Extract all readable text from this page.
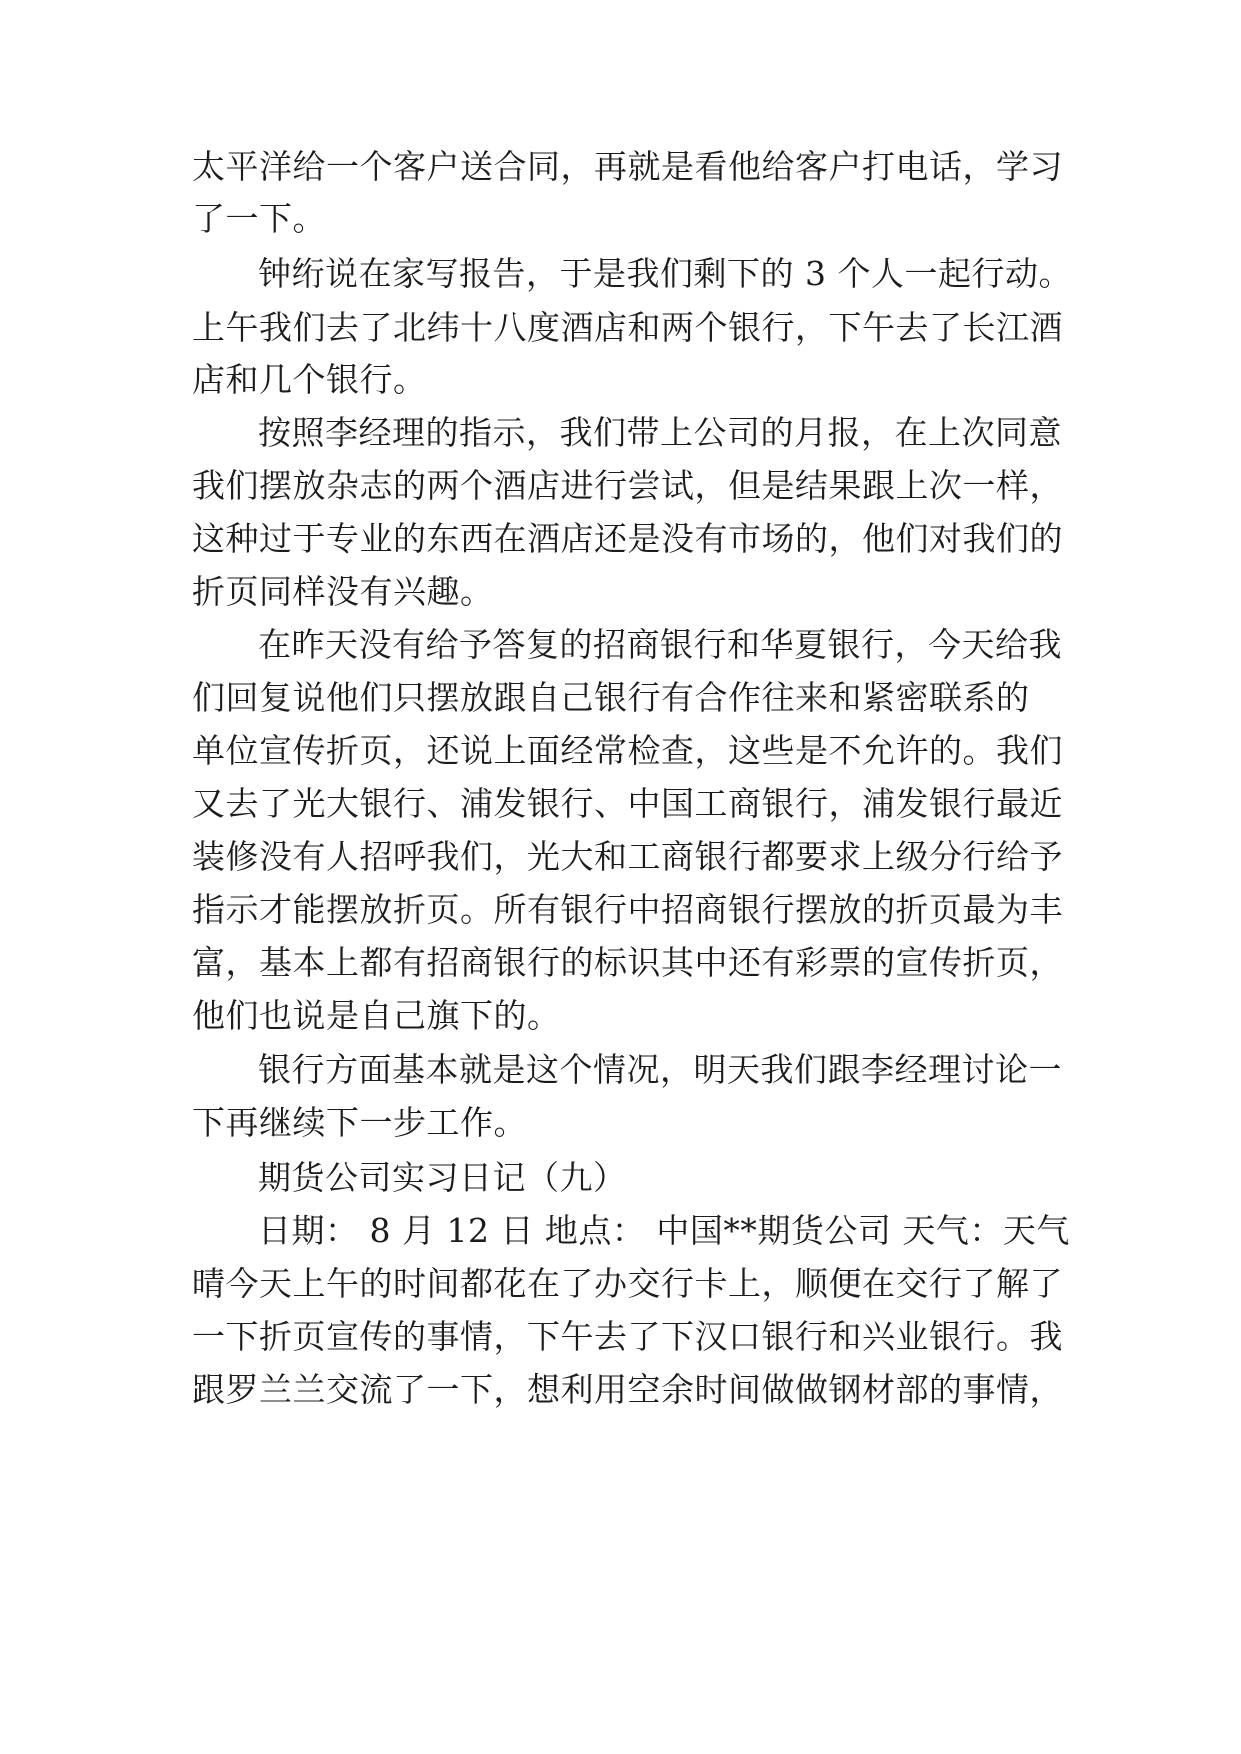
太平洋给一个客户送合同，再就是看他给客户打电话，学习
了一下。
钟绗说在家写报告，于是我们剩下的 3 个人一起行动。
上午我们去了北纬十八度酒店和两个银行，下午去了长江酒
店和几个银行。
按照李经理的指示，我们带上公司的月报，在上次同意
我们摆放杂志的两个酒店进行尝试，但是结果跟上次一样，
这种过于专业的东西在酒店还是没有市场的，他们对我们的
折页同样没有兴趣。
在昨天没有给予答复的招商银行和华夏银行，今天给我
们回复说他们只摆放跟自己银行有合作往来和紧密联系的
单位宣传折页，还说上面经常检查，这些是不允许的。我们
又去了光大银行、浦发银行、中国工商银行，浦发银行最近
装修没有人招呼我们，光大和工商银行都要求上级分行给予
指示才能摆放折页。所有银行中招商银行摆放的折页最为丰
富，基本上都有招商银行的标识其中还有彩票的宣传折页，
他们也说是自己旗下的。
银行方面基本就是这个情况，明天我们跟李经理讨论一
下再继续下一步工作。
期货公司实习日记（九）
日期： 8 月 12 日 地点： 中国**期货公司 天气：天气
晴今天上午的时间都花在了办交行卡上，顺便在交行了解了
一下折页宣传的事情，下午去了下汉口银行和兴业银行。我
跟罗兰兰交流了一下，想利用空余时间做做钢材部的事情，
